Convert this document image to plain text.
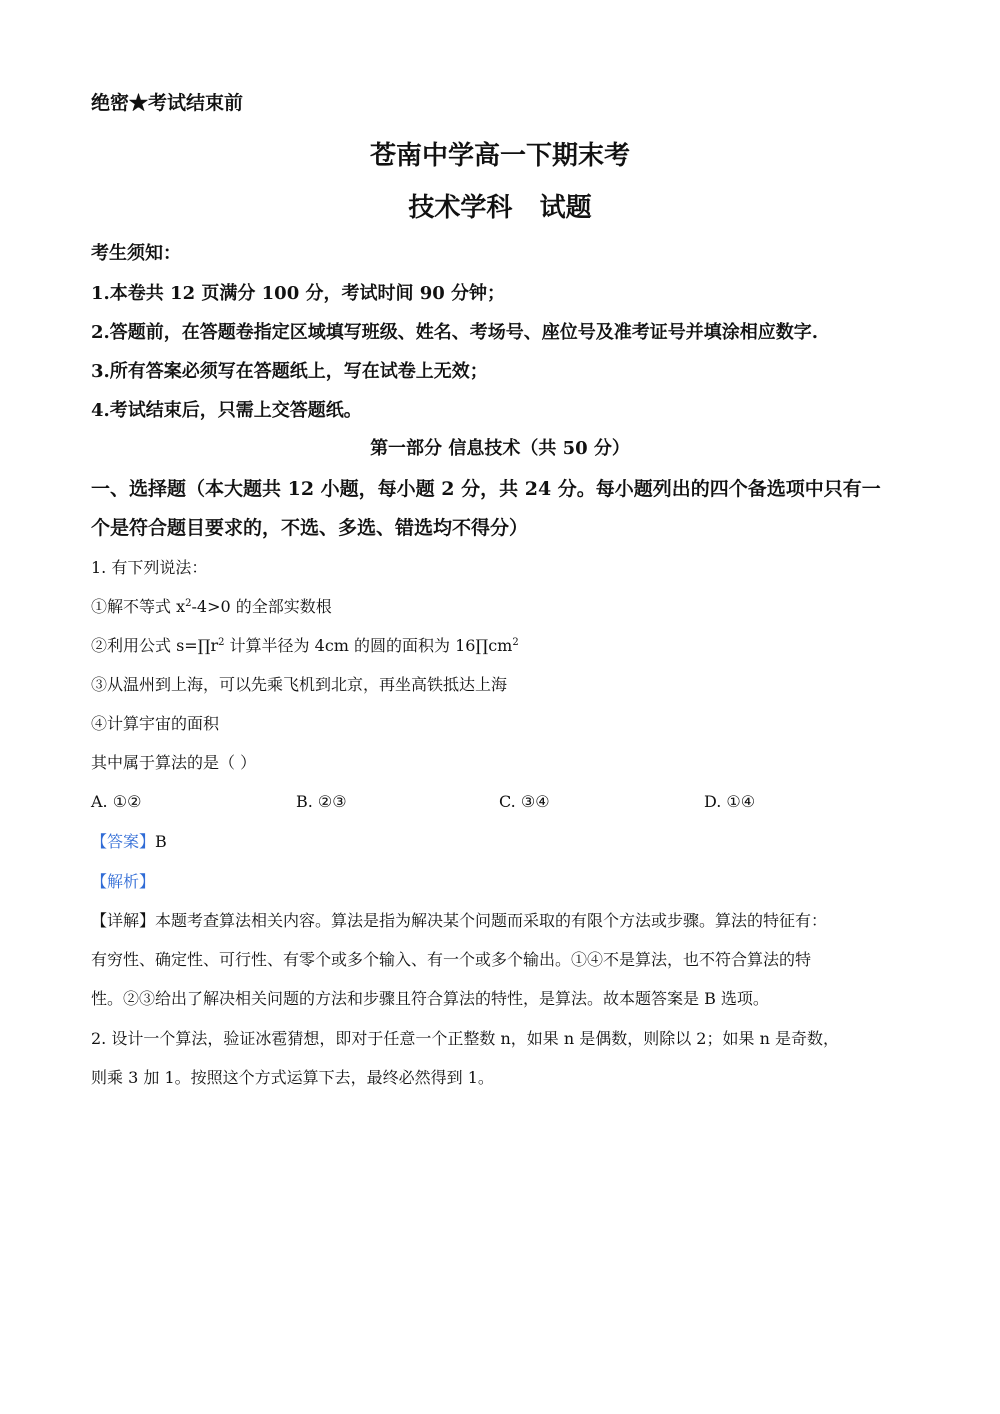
绝密★考试结束前
苍南中学高一下期末考
技术学科   试题
考生须知：
1.本卷共 12 页满分 100 分，考试时间 90 分钟；
2.答题前，在答题卷指定区域填写班级、姓名、考场号、座位号及准考证号并填涂相应数字.
3.所有答案必须写在答题纸上，写在试卷上无效；
4.考试结束后，只需上交答题纸。
第一部分 信息技术（共 50 分）
一、选择题（本大题共 12 小题，每小题 2 分，共 24 分。每小题列出的四个备选项中只有一
个是符合题目要求的，不选、多选、错选均不得分）
1. 有下列说法：
①解不等式 $x^2-4>0$ 的全部实数根
②利用公式 $s=\prod r^2$ 计算半径为 4cm 的圆的面积为 $16\prod cm^2$
③从温州到上海，可以先乘飞机到北京，再坐高铁抵达上海
④计算宇宙的面积
其中属于算法的是（ ）
A. ①②	B. ②③	C. ③④	D. ①④
【答案】B
【解析】
【详解】本题考查算法相关内容。算法是指为解决某个问题而采取的有限个方法或步骤。算法的特征有：
有穷性、确定性、可行性、有零个或多个输入、有一个或多个输出。①④不是算法，也不符合算法的特
性。②③给出了解决相关问题的方法和步骤且符合算法的特性，是算法。故本题答案是 B 选项。
2. 设计一个算法，验证冰雹猜想，即对于任意一个正整数 n，如果 n 是偶数，则除以 2；如果 n 是奇数，
则乘 3 加 1。按照这个方式运算下去，最终必然得到 1。
